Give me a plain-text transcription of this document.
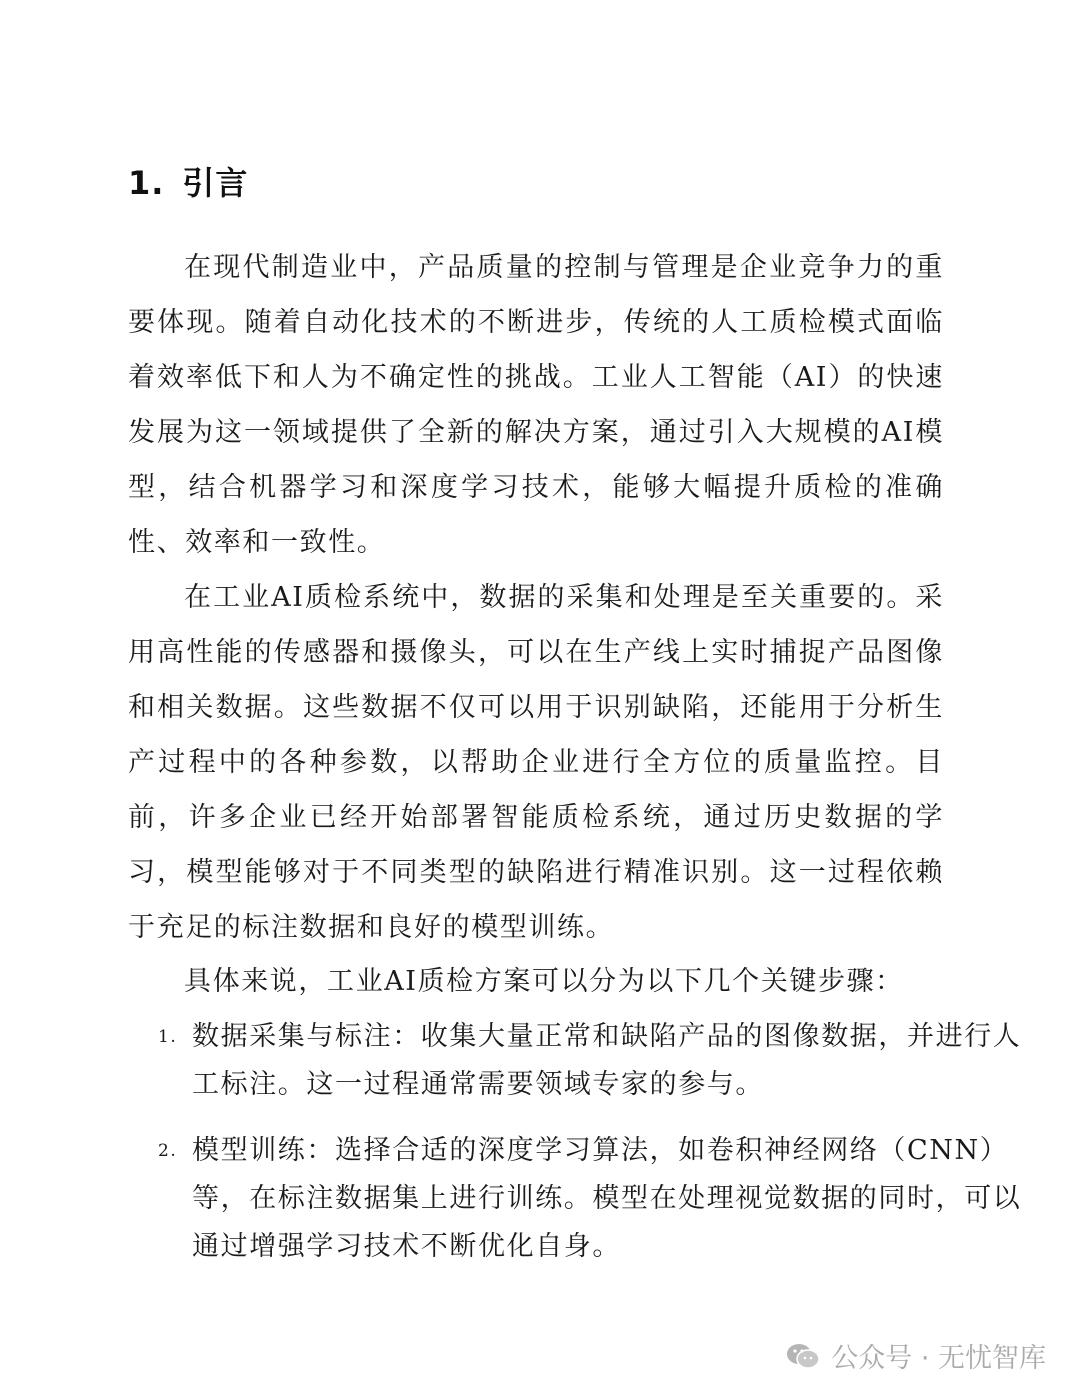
1. 引言

在现代制造业中，产品质量的控制与管理是企业竞争力的重要体现。随着自动化技术的不断进步，传统的人工质检模式面临着效率低下和人为不确定性的挑战。工业人工智能（AI）的快速发展为这一领域提供了全新的解决方案，通过引入大规模的AI模型，结合机器学习和深度学习技术，能够大幅提升质检的准确性、效率和一致性。

在工业AI质检系统中，数据的采集和处理是至关重要的。采用高性能的传感器和摄像头，可以在生产线上实时捕捉产品图像和相关数据。这些数据不仅可以用于识别缺陷，还能用于分析生产过程中的各种参数，以帮助企业进行全方位的质量监控。目前，许多企业已经开始部署智能质检系统，通过历史数据的学习，模型能够对于不同类型的缺陷进行精准识别。这一过程依赖于充足的标注数据和良好的模型训练。

具体来说，工业AI质检方案可以分为以下几个关键步骤：

1. 数据采集与标注：收集大量正常和缺陷产品的图像数据，并进行人工标注。这一过程通常需要领域专家的参与。
2. 模型训练：选择合适的深度学习算法，如卷积神经网络（CNN）等，在标注数据集上进行训练。模型在处理视觉数据的同时，可以通过增强学习技术不断优化自身。
公众号 · 无忧智库
